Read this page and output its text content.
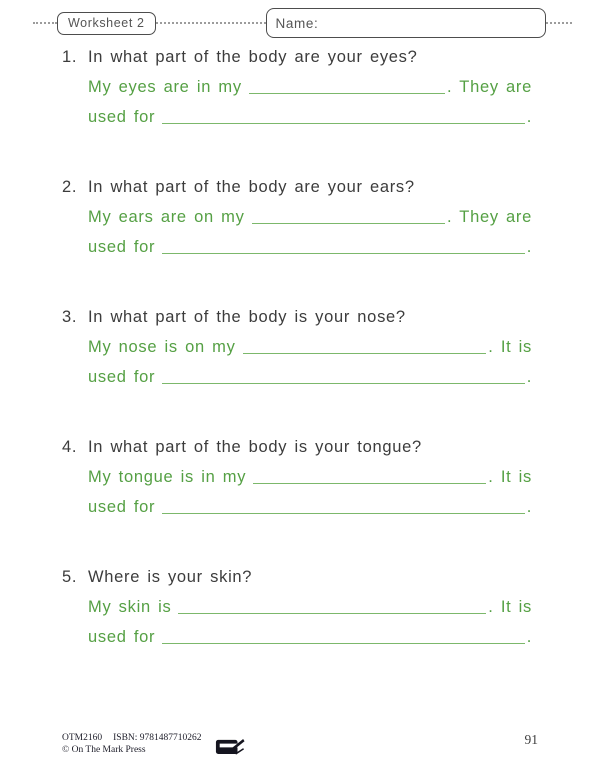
Worksheet 2	Name:
1. In what part of the body are your eyes?
My eyes are in my	. They are
used for	.
2. In what part of the body are your ears?
My ears are on my	. They are
used for	.
3. In what part of the body is your nose?
My nose is on my	. It is
used for	.
4. In what part of the body is your tongue?
My tongue is in my	. It is
used for	.
5. Where is your skin?
My skin is	. It is
used for	.
OTM2160 ISBN: 9781487710262
© On The Mark Press
91
